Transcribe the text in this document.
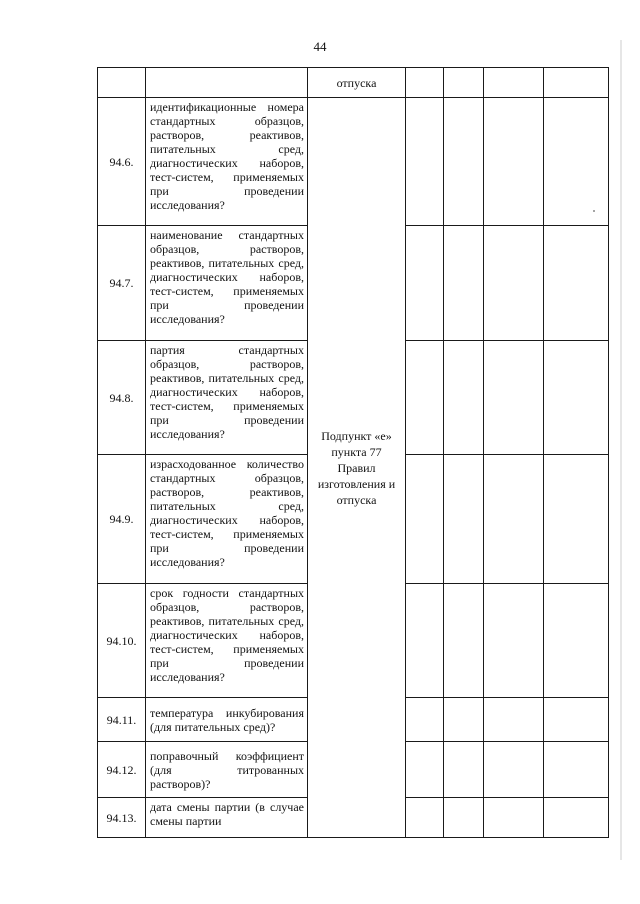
44
		отпуска				
94.6.	идентификационные номера стандартных образцов, растворов, реактивов, питательных сред, диагностических наборов, тест-систем, применяемых при проведении исследования?	Подпункт «е» пункта 77 Правил изготовления и отпуска				

94.7.	наименование стандартных образцов, растворов, реактивов, питательных сред, диагностических наборов, тест-систем, применяемых при проведении исследования?					
94.8.	партия стандартных образцов, растворов, реактивов, питательных сред, диагностических наборов, тест-систем, применяемых при проведении исследования?					
94.9.	израсходованное количество стандартных образцов, растворов, реактивов, питательных сред, диагностических наборов, тест-систем, применяемых при проведении исследования?					
94.10.	срок годности стандартных образцов, растворов, реактивов, питательных сред, диагностических наборов, тест-систем, применяемых при проведении исследования?					
94.11.	температура инкубирования (для питательных сред)?					
94.12.	поправочный коэффициент (для титрованных растворов)?					
94.13.	дата смены партии (в случае смены партии					
